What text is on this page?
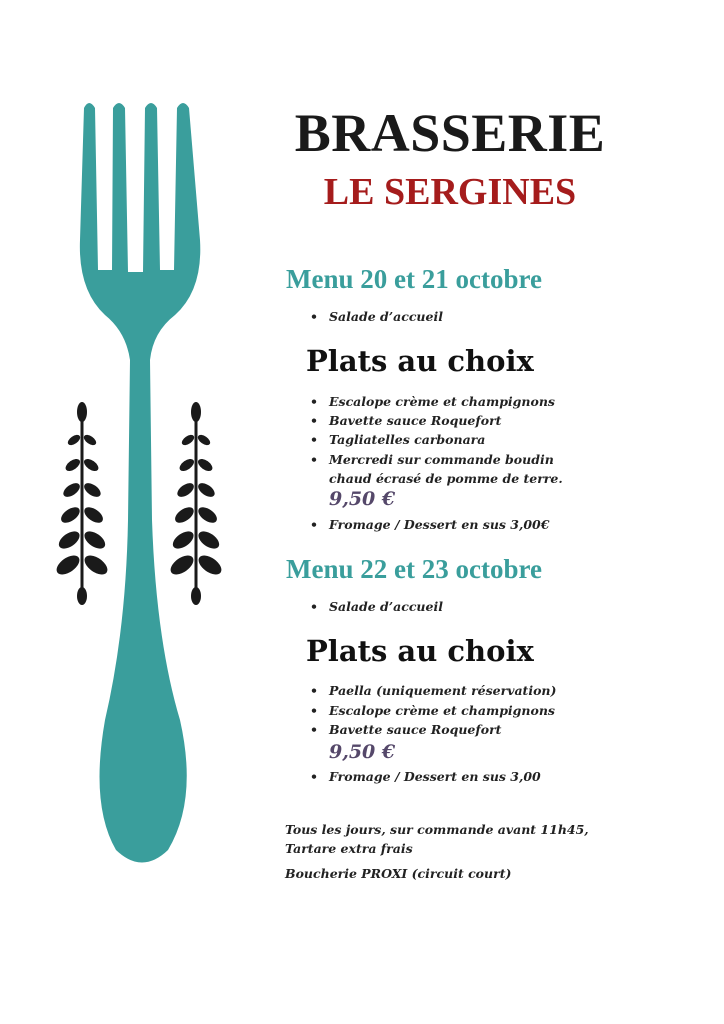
BRASSERIE
LE SERGINES
Menu 20 et 21 octobre
• Salade d’accueil
Plats au choix
• Escalope crème et champignons
• Bavette sauce Roquefort
• Tagliatelles carbonara
• Mercredi sur commande boudin chaud écrasé de pomme de terre.
9,50 €
• Fromage / Dessert en sus 3,00€
Menu 22 et 23 octobre
• Salade d’accueil
Plats au choix
• Paella (uniquement réservation)
• Escalope crème et champignons
• Bavette sauce Roquefort
9,50 €
• Fromage / Dessert en sus 3,00
Tous les jours, sur commande avant 11h45,
Tartare extra frais
Boucherie PROXI (circuit court)
